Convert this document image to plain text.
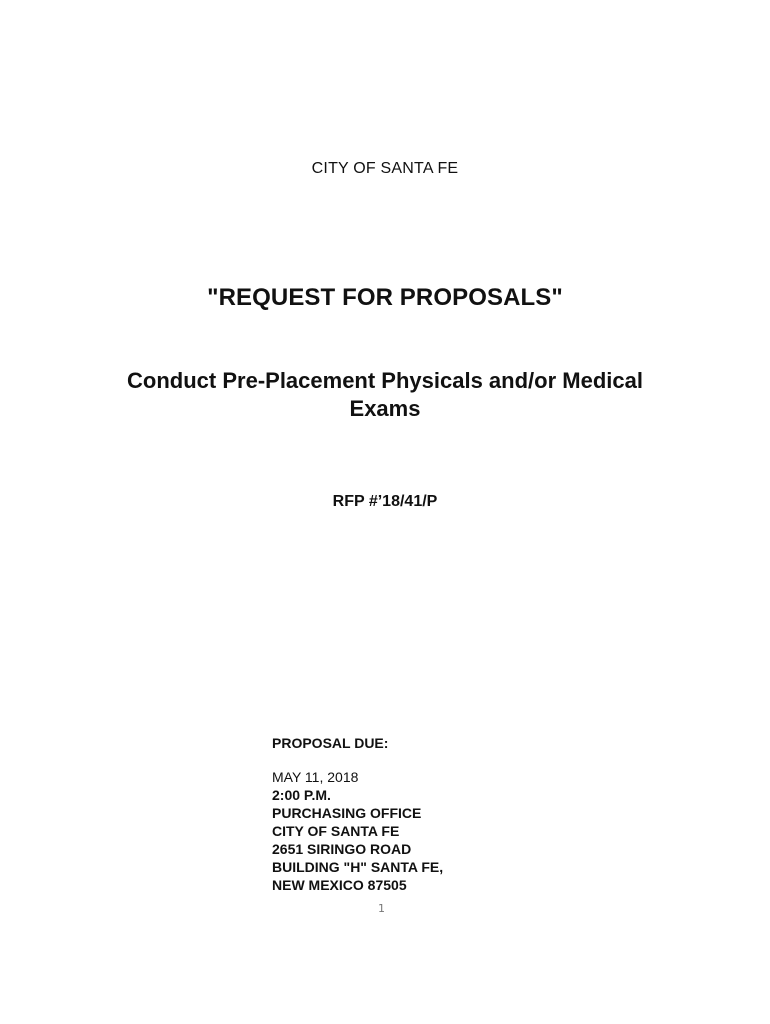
CITY OF SANTA FE
"REQUEST FOR PROPOSALS"
Conduct Pre-Placement Physicals and/or Medical
Exams
RFP #’18/41/P
PROPOSAL DUE:
MAY 11, 2018
2:00 P.M.
PURCHASING OFFICE
CITY OF SANTA FE
2651 SIRINGO ROAD
BUILDING "H" SANTA FE,
NEW MEXICO 87505
1
